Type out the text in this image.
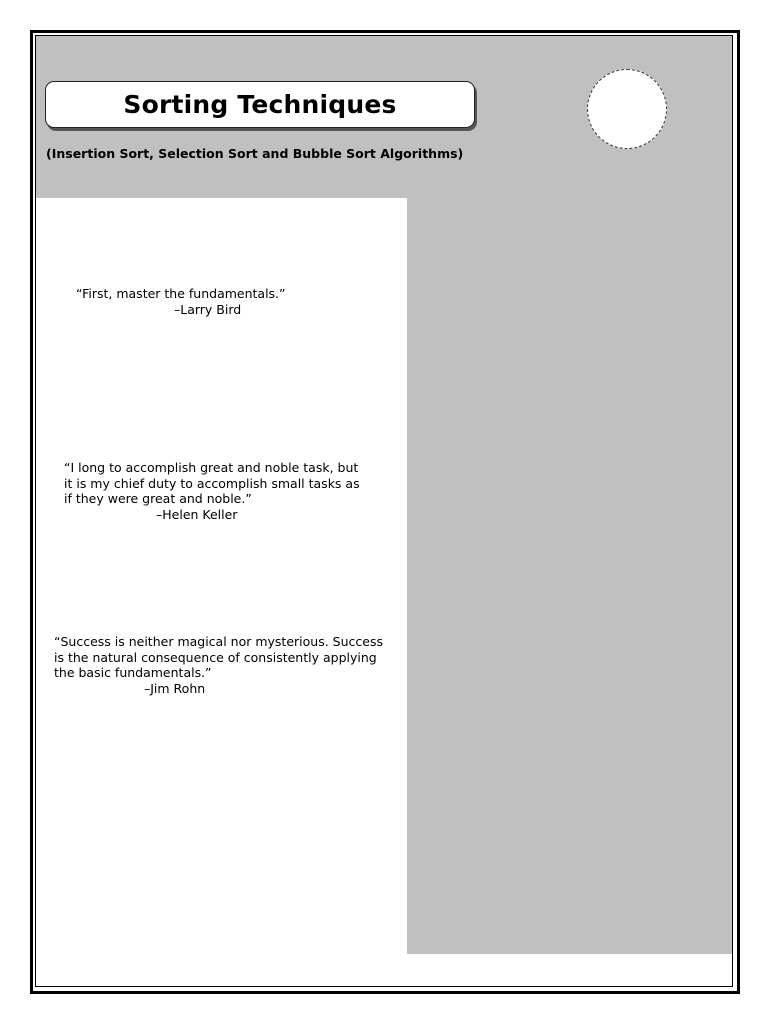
Sorting Techniques
(Insertion Sort, Selection Sort and Bubble Sort Algorithms)
“First, master the fundamentals.”
–Larry Bird
“I long to accomplish great and noble task, but
it is my chief duty to accomplish small tasks as
if they were great and noble.”
–Helen Keller
“Success is neither magical nor mysterious. Success
is the natural consequence of consistently applying
the basic fundamentals.”
–Jim Rohn
